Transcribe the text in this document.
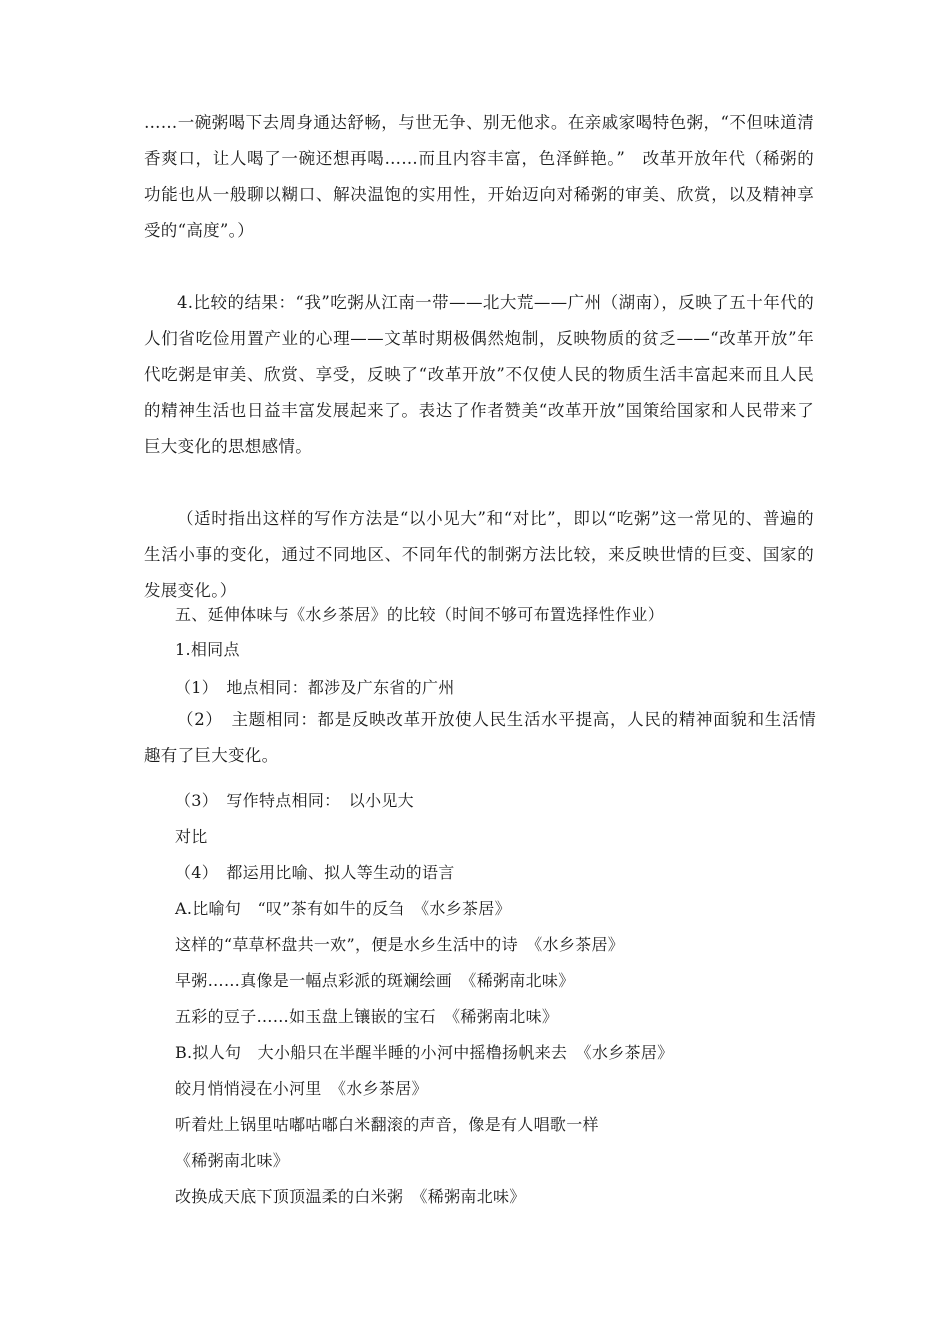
……一碗粥喝下去周身通达舒畅，与世无争、别无他求。在亲戚家喝特色粥，“不但味道清香爽口，让人喝了一碗还想再喝……而且内容丰富，色泽鲜艳。”　改革开放年代（稀粥的功能也从一般聊以糊口、解决温饱的实用性，开始迈向对稀粥的审美、欣赏，以及精神享受的“高度”。）

4.比较的结果：“我”吃粥从江南一带——北大荒——广州（湖南），反映了五十年代的人们省吃俭用置产业的心理——文革时期极偶然炮制，反映物质的贫乏——“改革开放”年代吃粥是审美、欣赏、享受，反映了“改革开放”不仅使人民的物质生活丰富起来而且人民的精神生活也日益丰富发展起来了。表达了作者赞美“改革开放”国策给国家和人民带来了巨大变化的思想感情。

（适时指出这样的写作方法是“以小见大”和“对比”，即以“吃粥”这一常见的、普遍的生活小事的变化，通过不同地区、不同年代的制粥方法比较，来反映世情的巨变、国家的发展变化。）

五、延伸体味与《水乡茶居》的比较（时间不够可布置选择性作业）

1.相同点

（1）　地点相同：都涉及广东省的广州

（2）　主题相同：都是反映改革开放使人民生活水平提高，人民的精神面貌和生活情趣有了巨大变化。

（3）　写作特点相同：　以小见大

对比

（4）　都运用比喻、拟人等生动的语言

A.比喻句　“叹”茶有如牛的反刍　《水乡茶居》

这样的“草草杯盘共一欢”，便是水乡生活中的诗　《水乡茶居》

早粥……真像是一幅点彩派的斑斓绘画　《稀粥南北味》

五彩的豆子……如玉盘上镶嵌的宝石　《稀粥南北味》

B.拟人句　大小船只在半醒半睡的小河中摇橹扬帆来去　《水乡茶居》

皎月悄悄浸在小河里　《水乡茶居》

听着灶上锅里咕嘟咕嘟白米翻滚的声音，像是有人唱歌一样

《稀粥南北味》

改换成天底下顶顶温柔的白米粥　《稀粥南北味》
